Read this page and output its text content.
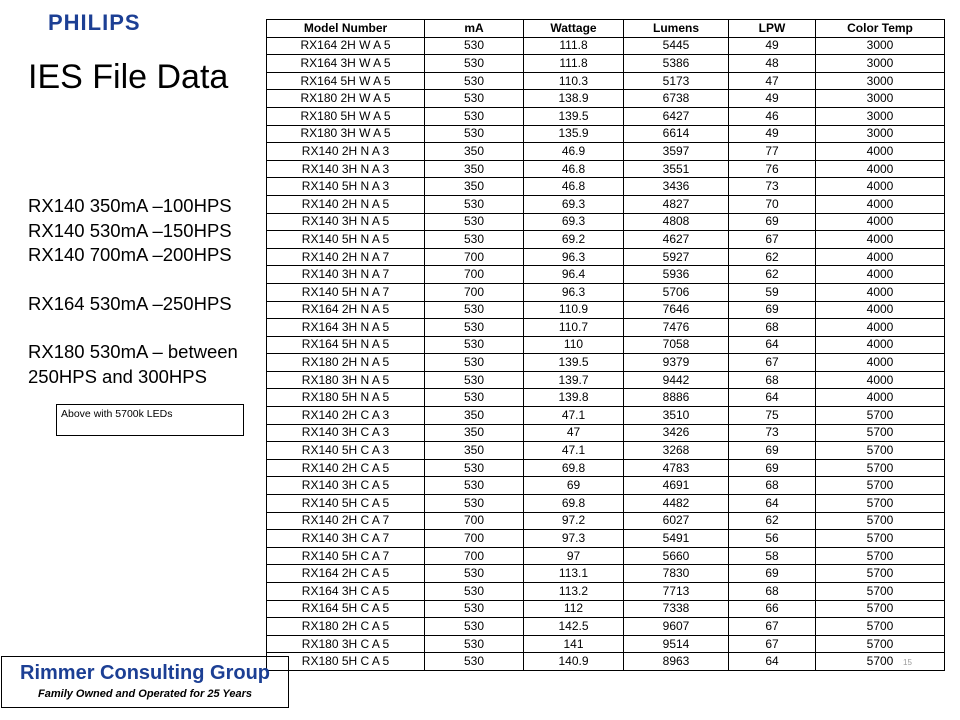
PHILIPS
IES File Data
RX140 350mA –100HPS
RX140 530mA –150HPS
RX140 700mA –200HPS
RX164 530mA –250HPS
RX180 530mA – between
250HPS and 300HPS
Above with 5700k LEDs
Model Number	mA	Wattage	Lumens	LPW	Color Temp
RX164 2H W A 5	530	111.8	5445	49	3000
RX164 3H W A 5	530	111.8	5386	48	3000
RX164 5H W A 5	530	110.3	5173	47	3000
RX180 2H W A 5	530	138.9	6738	49	3000
RX180 5H W A 5	530	139.5	6427	46	3000
RX180 3H W A 5	530	135.9	6614	49	3000
RX140 2H N A 3	350	46.9	3597	77	4000
RX140 3H N A 3	350	46.8	3551	76	4000
RX140 5H N A 3	350	46.8	3436	73	4000
RX140 2H N A 5	530	69.3	4827	70	4000
RX140 3H N A 5	530	69.3	4808	69	4000
RX140 5H N A 5	530	69.2	4627	67	4000
RX140 2H N A 7	700	96.3	5927	62	4000
RX140 3H N A 7	700	96.4	5936	62	4000
RX140 5H N A 7	700	96.3	5706	59	4000
RX164 2H N A 5	530	110.9	7646	69	4000
RX164 3H N A 5	530	110.7	7476	68	4000
RX164 5H N A 5	530	110	7058	64	4000
RX180 2H N A 5	530	139.5	9379	67	4000
RX180 3H N A 5	530	139.7	9442	68	4000
RX180 5H N A 5	530	139.8	8886	64	4000
RX140 2H C A 3	350	47.1	3510	75	5700
RX140 3H C A 3	350	47	3426	73	5700
RX140 5H C A 3	350	47.1	3268	69	5700
RX140 2H C A 5	530	69.8	4783	69	5700
RX140 3H C A 5	530	69	4691	68	5700
RX140 5H C A 5	530	69.8	4482	64	5700
RX140 2H C A 7	700	97.2	6027	62	5700
RX140 3H C A 7	700	97.3	5491	56	5700
RX140 5H C A 7	700	97	5660	58	5700
RX164 2H C A 5	530	113.1	7830	69	5700
RX164 3H C A 5	530	113.2	7713	68	5700
RX164 5H C A 5	530	112	7338	66	5700
RX180 2H C A 5	530	142.5	9607	67	5700
RX180 3H C A 5	530	141	9514	67	5700
RX180 5H C A 5	530	140.9	8963	64	5700 15
Rimmer Consulting Group
Family Owned and Operated for 25 Years
